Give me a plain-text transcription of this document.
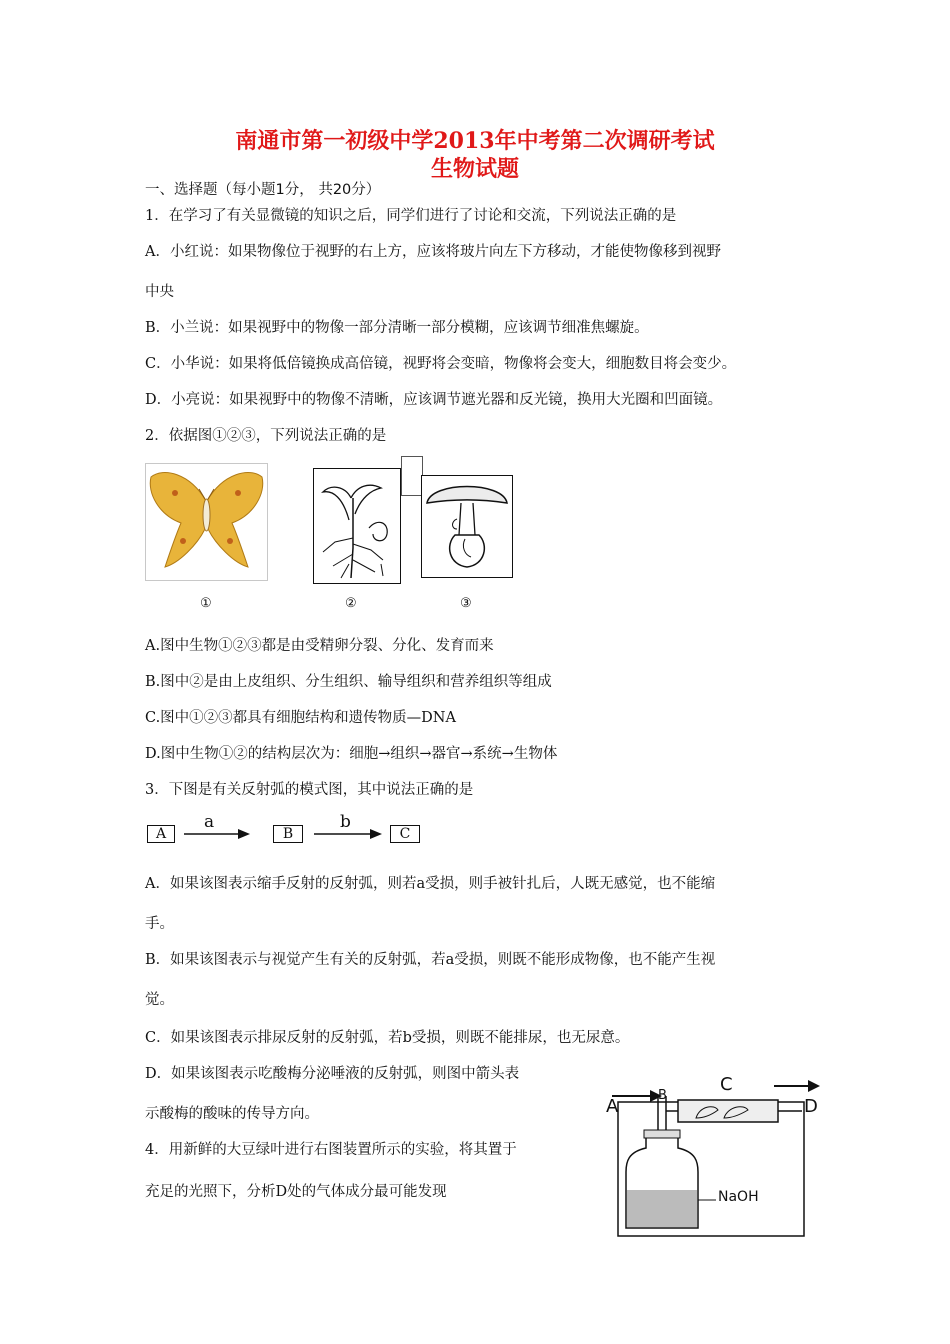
南通市第一初级中学2013年中考第二次调研考试
生物试题
一、选择题（每小题1分， 共20分）
1．在学习了有关显微镜的知识之后，同学们进行了讨论和交流，下列说法正确的是
A．小红说：如果物像位于视野的右上方，应该将玻片向左下方移动，才能使物像移到视野
中央
B．小兰说：如果视野中的物像一部分清晰一部分模糊，应该调节细准焦螺旋。
C．小华说：如果将低倍镜换成高倍镜，视野将会变暗，物像将会变大，细胞数目将会变少。
D．小亮说：如果视野中的物像不清晰，应该调节遮光器和反光镜，换用大光圈和凹面镜。
2．依据图①②③，下列说法正确的是
①	②	③
A.图中生物①②③都是由受精卵分裂、分化、发育而来
B.图中②是由上皮组织、分生组织、输导组织和营养组织等组成
C.图中①②③都具有细胞结构和遗传物质—DNA
D.图中生物①②的结构层次为：细胞→组织→器官→系统→生物体
3．下图是有关反射弧的模式图，其中说法正确的是
A
a
B
b
C
A．如果该图表示缩手反射的反射弧，则若a受损，则手被针扎后，人既无感觉，也不能缩
手。
B．如果该图表示与视觉产生有关的反射弧，若a受损，则既不能形成物像，也不能产生视
觉。
C．如果该图表示排尿反射的反射弧，若b受损，则既不能排尿，也无尿意。
D．如果该图表示吃酸梅分泌唾液的反射弧，则图中箭头表
示酸梅的酸味的传导方向。
4．用新鲜的大豆绿叶进行右图装置所示的实验，将其置于
充足的光照下，分析D处的气体成分最可能发现
A
B
C
D
NaOH
